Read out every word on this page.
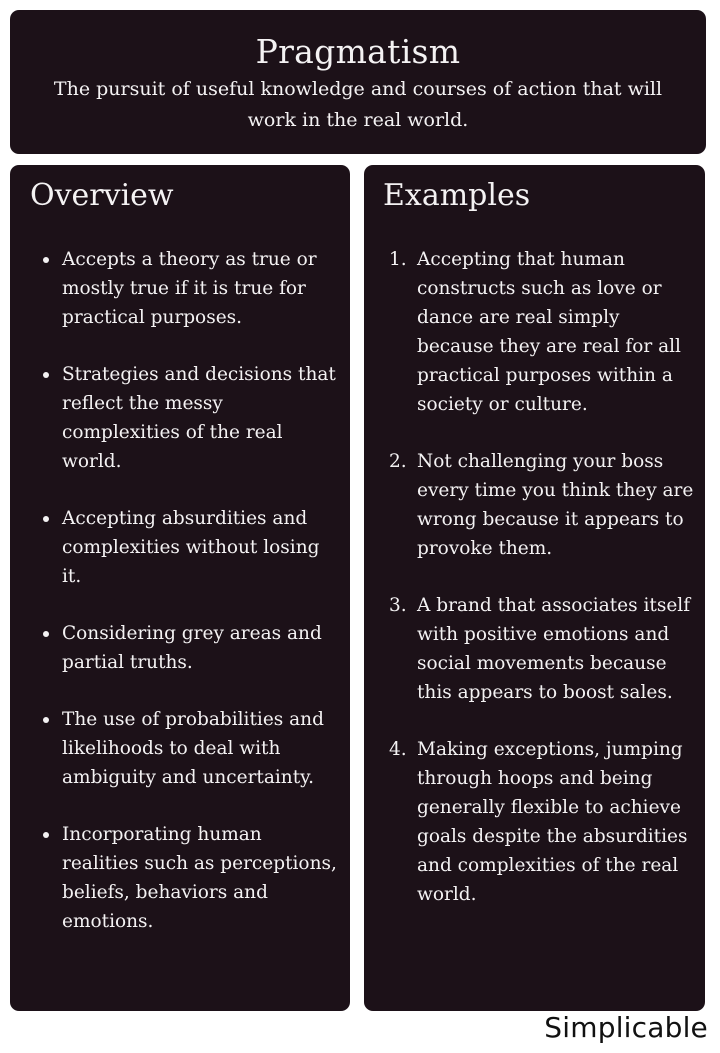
Pragmatism
The pursuit of useful knowledge and courses of action that will work in the real world.
Overview
Accepts a theory as true or mostly true if it is true for practical purposes.
Strategies and decisions that reflect the messy complexities of the real world.
Accepting absurdities and complexities without losing it.
Considering grey areas and partial truths.
The use of probabilities and likelihoods to deal with ambiguity and uncertainty.
Incorporating human realities such as perceptions, beliefs, behaviors and emotions.
Examples
1. Accepting that human constructs such as love or dance are real simply because they are real for all practical purposes within a society or culture.
2. Not challenging your boss every time you think they are wrong because it appears to provoke them.
3. A brand that associates itself with positive emotions and social movements because this appears to boost sales.
4. Making exceptions, jumping through hoops and being generally flexible to achieve goals despite the absurdities and complexities of the real world.
Simplicable
